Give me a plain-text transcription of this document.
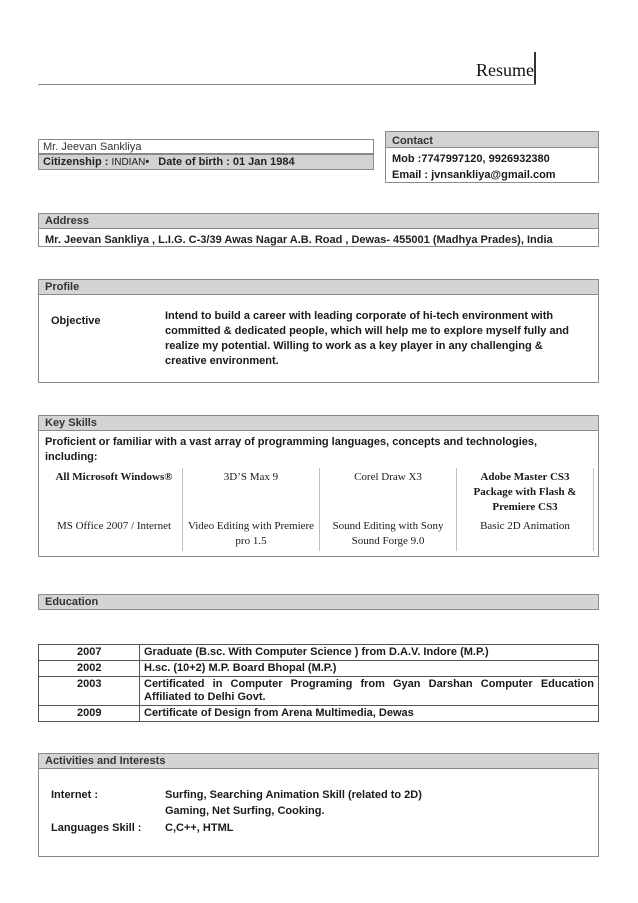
Resume
Mr. Jeevan Sankliya
Citizenship : INDIAN• Date of birth : 01 Jan 1984
Contact
Mob :7747997120, 9926932380
Email : jvnsankliya@gmail.com
Address
Mr. Jeevan Sankliya , L.I.G. C-3/39 Awas Nagar A.B. Road , Dewas- 455001 (Madhya Prades), India
Profile
Objective	Intend to build a career with leading corporate of hi-tech environment with committed & dedicated people, which will help me to explore myself fully and realize my potential. Willing to work as a key player in any challenging & creative environment.
Key Skills
Proficient or familiar with a vast array of programming languages, concepts and technologies, including:
All Microsoft Windows®	3D’S Max 9	Corel Draw X3	Adobe Master CS3 Package with Flash & Premiere CS3
MS Office 2007 / Internet	Video Editing with Premiere pro 1.5	Sound Editing with Sony Sound Forge 9.0	Basic 2D Animation
Education
2007	Graduate (B.sc. With Computer Science ) from D.A.V. Indore (M.P.)
2002	H.sc. (10+2) M.P. Board Bhopal (M.P.)
2003	Certificated in Computer Programing from Gyan Darshan Computer Education Affiliated to Delhi Govt.
2009	Certificate of Design from Arena Multimedia, Dewas
Activities and Interests
Internet :	Surfing, Searching Animation Skill (related to 2D)
Gaming, Net Surfing, Cooking.
Languages Skill : C,C++, HTML
